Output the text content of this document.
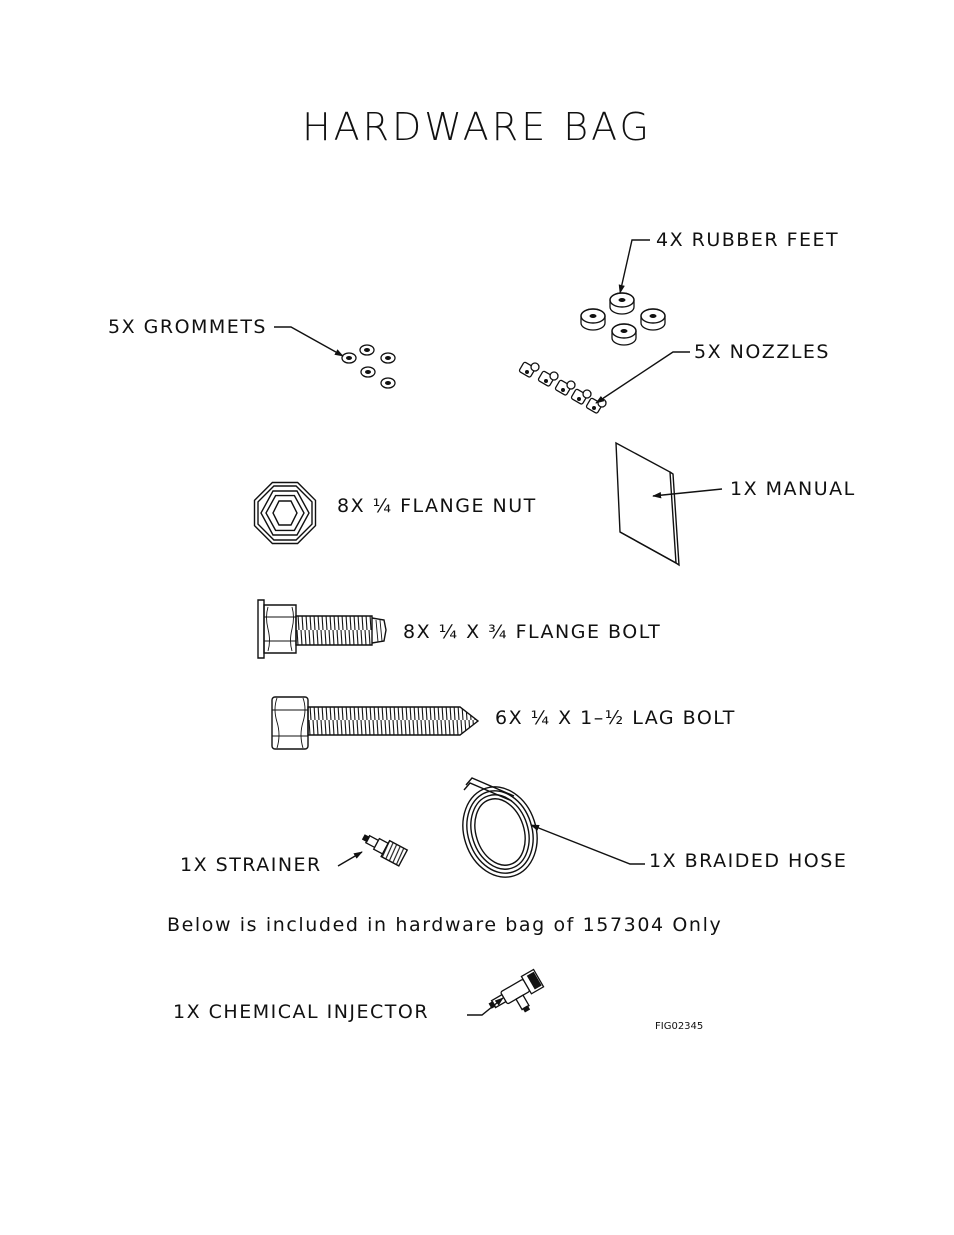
HARDWARE BAG
4X RUBBER FEET
5X GROMMETS
5X NOZZLES
1X MANUAL
8X ¼ FLANGE NUT
8X ¼ X ¾ FLANGE BOLT
6X ¼ X 1–½ LAG BOLT
1X STRAINER	1X BRAIDED HOSE
Below is included in hardware bag of 157304 Only
1X CHEMICAL INJECTOR
FIG02345
